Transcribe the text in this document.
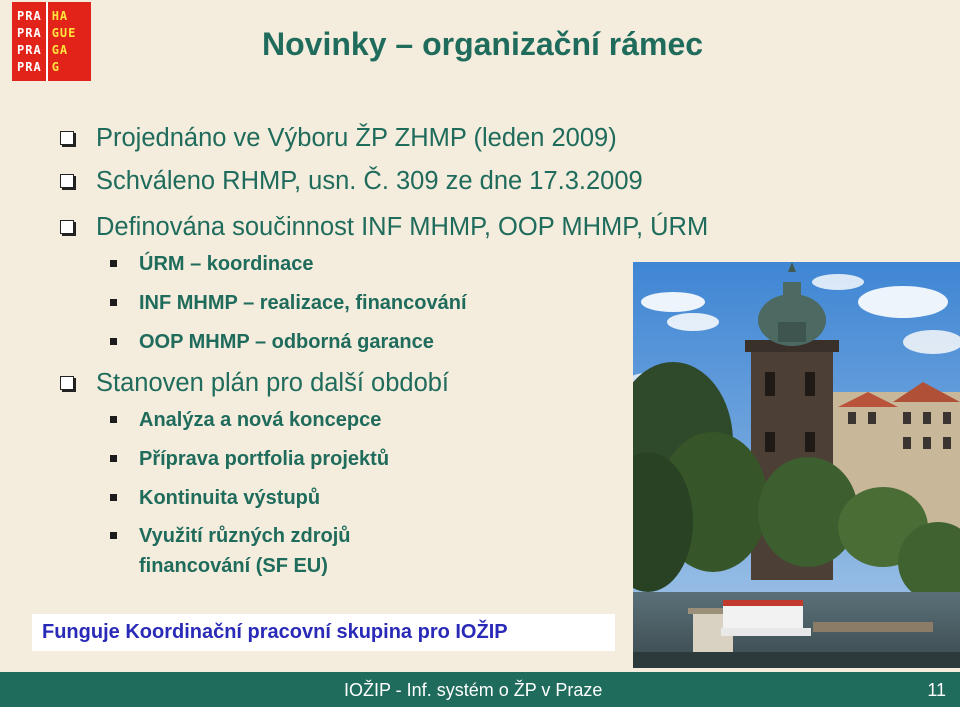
PRA
PRA
PRA
PRA
HA
GUE
GA
G
Novinky – organizační rámec
Projednáno ve Výboru ŽP ZHMP (leden 2009)
Schváleno RHMP, usn. Č. 309 ze dne 17.3.2009
Definována součinnost INF MHMP, OOP MHMP, ÚRM
ÚRM – koordinace
INF MHMP – realizace, financování
OOP MHMP – odborná garance
Stanoven plán pro další období
Analýza a nová koncepce
Příprava portfolia projektů
Kontinuita výstupů
Využití různých zdrojů
financování (SF EU)
Funguje Koordinační pracovní skupina pro IOŽIP
IOŽIP - Inf. systém o ŽP v Praze	11
